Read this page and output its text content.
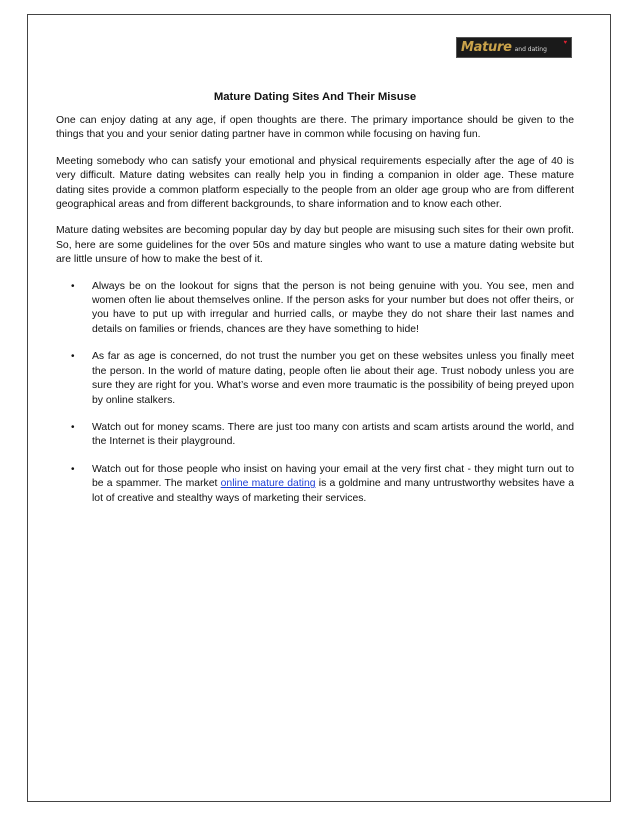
Mature and dating
♥
Mature Dating Sites And Their Misuse

One can enjoy dating at any age, if open thoughts are there. The primary importance should be given to the things that you and your senior dating partner have in common while focusing on having fun.

Meeting somebody who can satisfy your emotional and physical requirements especially after the age of 40 is very difficult. Mature dating websites can really help you in finding a companion in older age. These mature dating sites provide a common platform especially to the people from an older age group who are from different geographical areas and from different backgrounds, to share information and to know each other.

Mature dating websites are becoming popular day by day but people are misusing such sites for their own profit. So, here are some guidelines for the over 50s and mature singles who want to use a mature dating website but are little unsure of how to make the best of it.

• Always be on the lookout for signs that the person is not being genuine with you. You see, men and women often lie about themselves online. If the person asks for your number but does not offer theirs, or you have to put up with irregular and hurried calls, or maybe they do not share their last names and details on families or friends, chances are they have something to hide!
• As far as age is concerned, do not trust the number you get on these websites unless you finally meet the person. In the world of mature dating, people often lie about their age. Trust nobody unless you are sure they are right for you. What’s worse and even more traumatic is the possibility of being preyed upon by online stalkers.
• Watch out for money scams. There are just too many con artists and scam artists around the world, and the Internet is their playground.
• Watch out for those people who insist on having your email at the very first chat - they might turn out to be a spammer. The market online mature dating is a goldmine and many untrustworthy websites have a lot of creative and stealthy ways of marketing their services.
